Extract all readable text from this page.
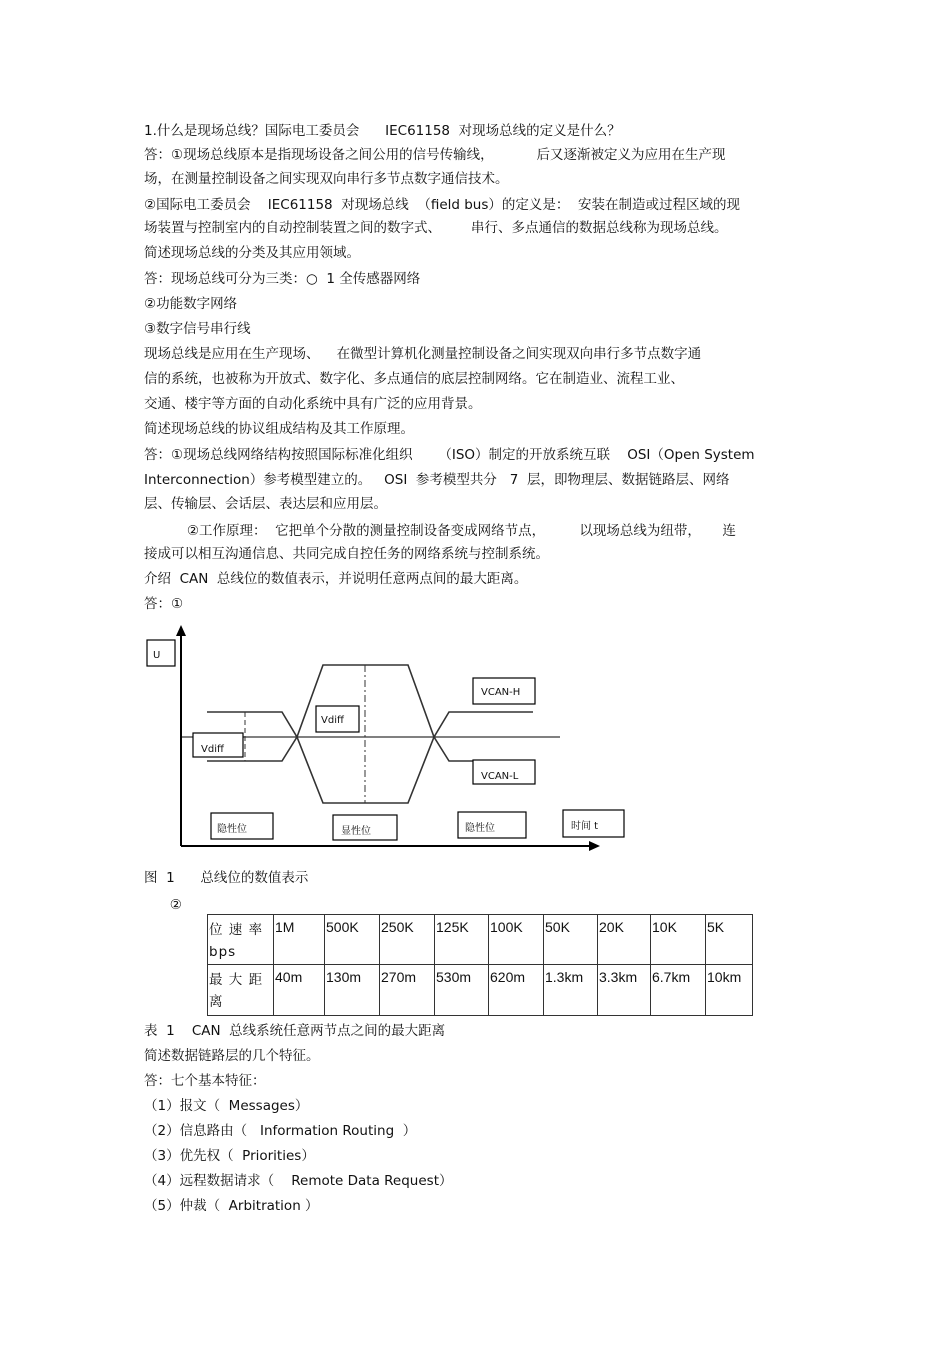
1.什么是现场总线？国际电工委员会      IEC61158  对现场总线的定义是什么？
答：①现场总线原本是指现场设备之间公用的信号传输线，          后又逐渐被定义为应用在生产现
场，在测量控制设备之间实现双向串行多节点数字通信技术。
②国际电工委员会    IEC61158  对现场总线  （field bus）的定义是：  安装在制造或过程区域的现
场装置与控制室内的自动控制装置之间的数字式、       串行、多点通信的数据总线称为现场总线。
简述现场总线的分类及其应用领域。
答：现场总线可分为三类：○  1 全传感器网络
②功能数字网络
③数字信号串行线
现场总线是应用在生产现场、    在微型计算机化测量控制设备之间实现双向串行多节点数字通
信的系统，也被称为开放式、数字化、多点通信的底层控制网络。它在制造业、流程工业、
交通、楼宇等方面的自动化系统中具有广泛的应用背景。
简述现场总线的协议组成结构及其工作原理。
答：①现场总线网络结构按照国际标准化组织      （ISO）制定的开放系统互联    OSI（Open System
Interconnection）参考模型建立的。   OSI  参考模型共分   7  层，即物理层、数据链路层、网络
层、传输层、会话层、表达层和应用层。
②工作原理：  它把单个分散的测量控制设备变成网络节点，        以现场总线为纽带，     连
接成可以相互沟通信息、共同完成自控任务的网络系统与控制系统。
介绍  CAN  总线位的数值表示，并说明任意两点间的最大距离。
答：①
图  1      总线位的数值表示
②
表  1    CAN  总线系统任意两节点之间的最大距离
简述数据链路层的几个特征。
答：七个基本特征：
（1）报文（  Messages）
（2）信息路由（   Information Routing  ）
（3）优先权（  Priorities）
（4）远程数据请求（    Remote Data Request）
（5）仲裁（  Arbitration ）
U
Vdiff
Vdiff
VCAN-H
VCAN-L
隐性位	显性位	隐性位	时间 t
位 速 率 bps	1M	500K	250K	125K	100K	50K	20K	10K	5K
最 大 距 离	40m	130m	270m	530m	620m	1.3km	3.3km	6.7km	10km
